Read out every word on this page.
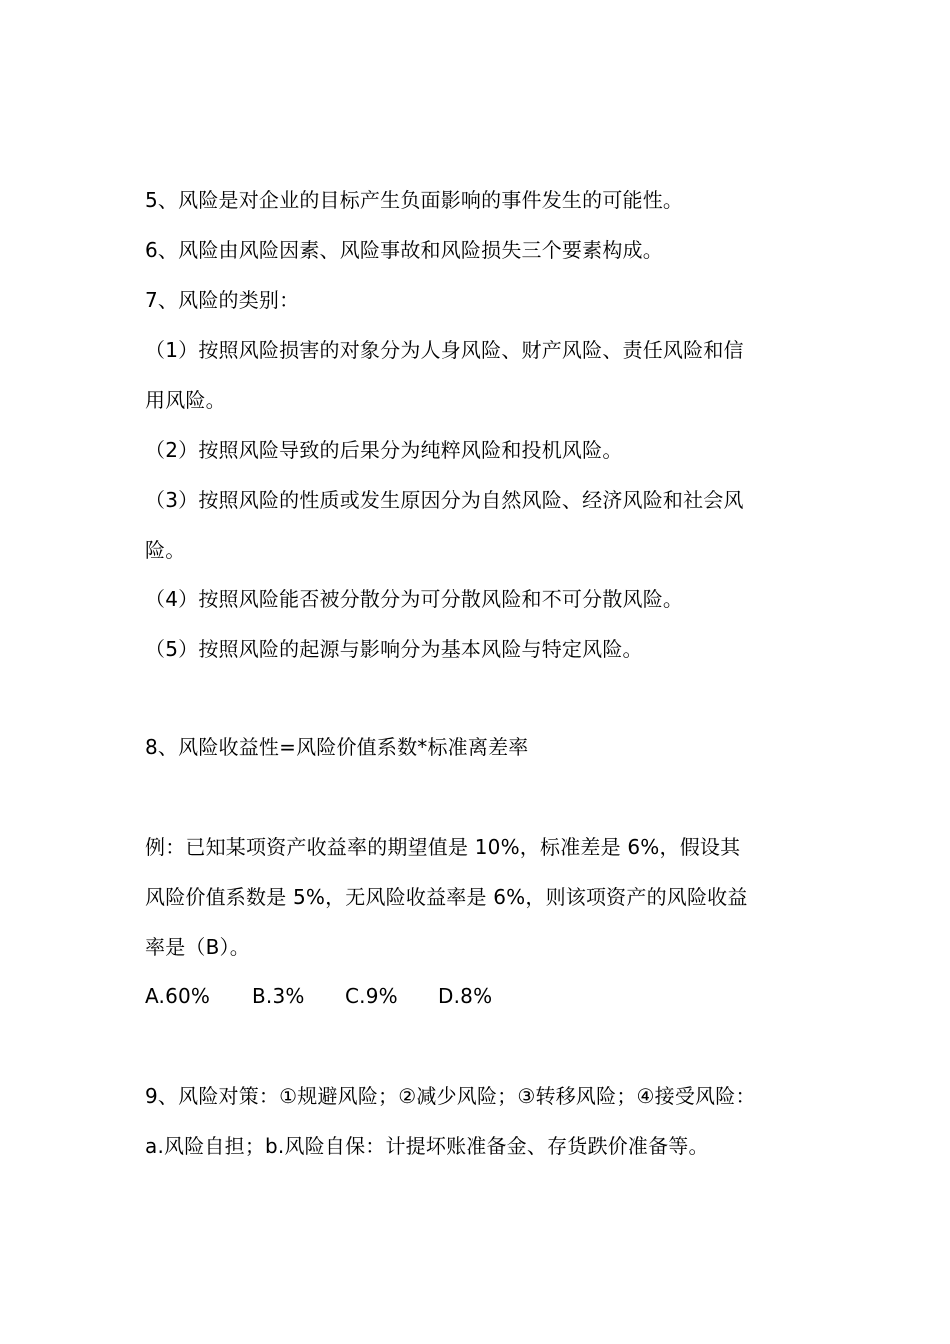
5、风险是对企业的目标产生负面影响的事件发生的可能性。
6、风险由风险因素、风险事故和风险损失三个要素构成。
7、风险的类别：
（1）按照风险损害的对象分为人身风险、财产风险、责任风险和信
用风险。
（2）按照风险导致的后果分为纯粹风险和投机风险。
（3）按照风险的性质或发生原因分为自然风险、经济风险和社会风
险。
（4）按照风险能否被分散分为可分散风险和不可分散风险。
（5）按照风险的起源与影响分为基本风险与特定风险。
8、风险收益性=风险价值系数*标准离差率
例：已知某项资产收益率的期望值是 10%，标准差是 6%，假设其
风险价值系数是 5%，无风险收益率是 6%，则该项资产的风险收益
率是（B）。
A.60% B.3% C.9% D.8%
9、风险对策：①规避风险；②减少风险；③转移风险；④接受风险：
a.风险自担；b.风险自保：计提坏账准备金、存货跌价准备等。
